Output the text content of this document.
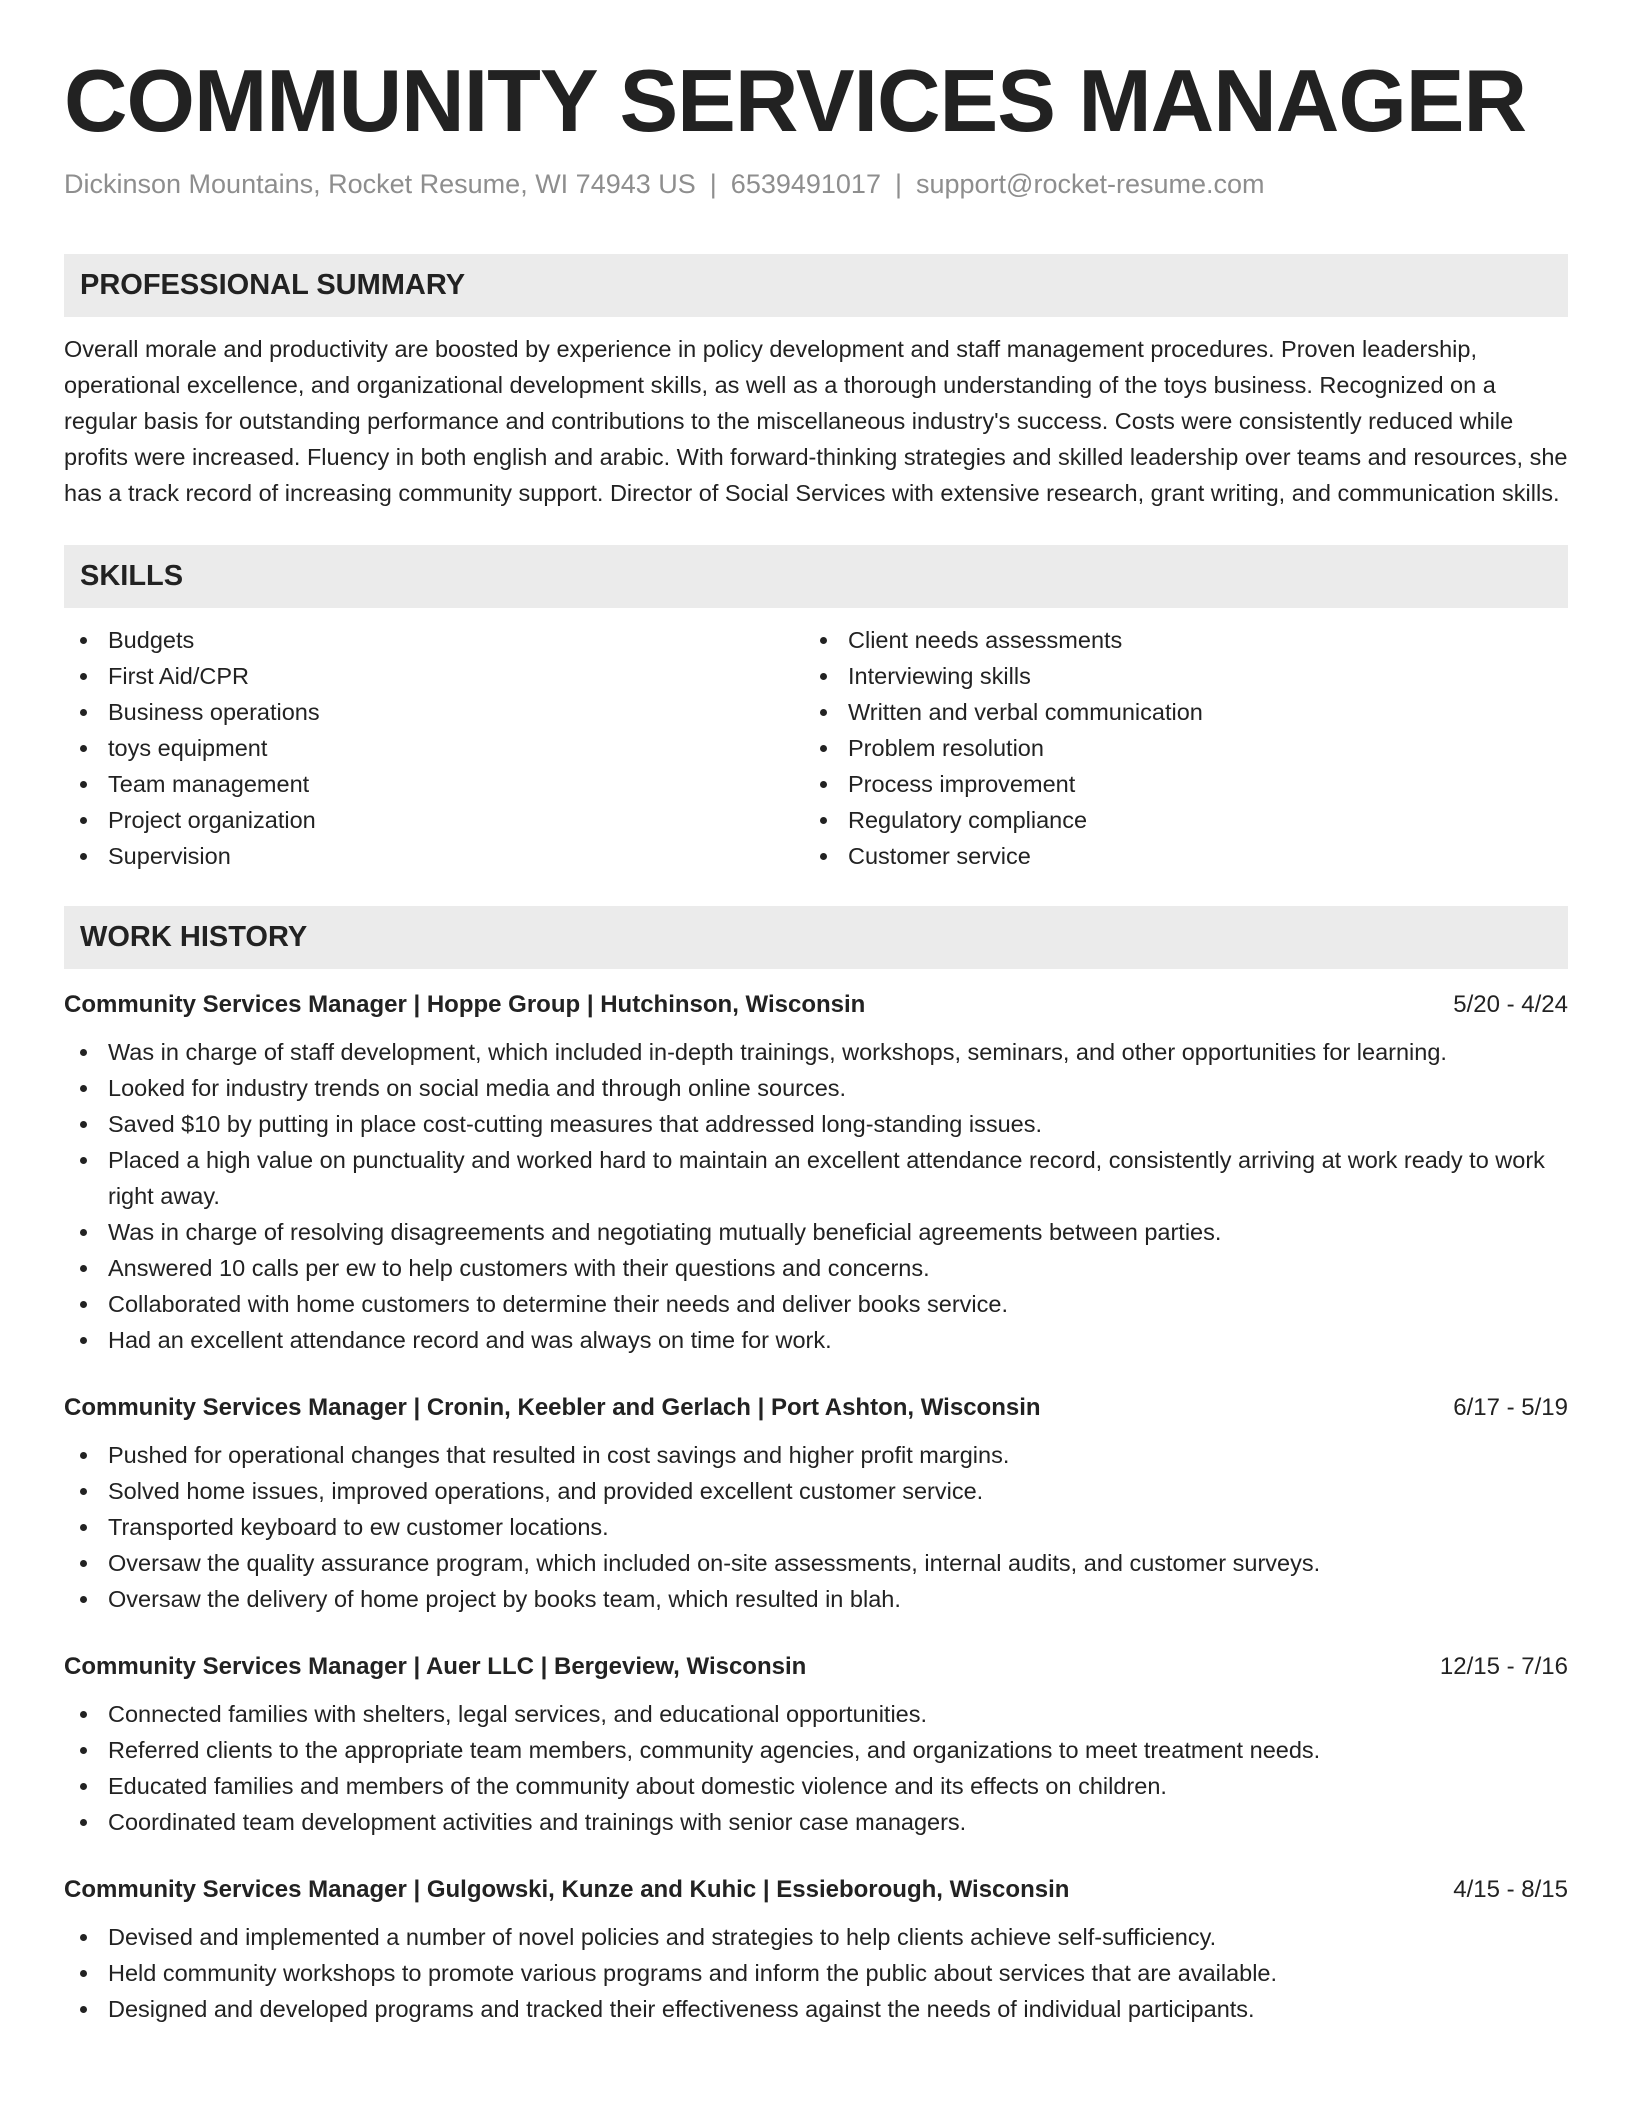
COMMUNITY SERVICES MANAGER
Dickinson Mountains, Rocket Resume, WI 74943 US | 6539491017 | support@rocket-resume.com
PROFESSIONAL SUMMARY

Overall morale and productivity are boosted by experience in policy development and staff management procedures. Proven leadership, operational excellence, and organizational development skills, as well as a thorough understanding of the toys business. Recognized on a regular basis for outstanding performance and contributions to the miscellaneous industry's success. Costs were consistently reduced while profits were increased. Fluency in both english and arabic. With forward-thinking strategies and skilled leadership over teams and resources, she has a track record of increasing community support. Director of Social Services with extensive research, grant writing, and communication skills.

SKILLS
Budgets
First Aid/CPR
Business operations
toys equipment
Team management
Project organization
Supervision
Client needs assessments
Interviewing skills
Written and verbal communication
Problem resolution
Process improvement
Regulatory compliance
Customer service
WORK HISTORY
Community Services Manager | Hoppe Group | Hutchinson, Wisconsin	5/20 - 4/24
Was in charge of staff development, which included in-depth trainings, workshops, seminars, and other opportunities for learning.
Looked for industry trends on social media and through online sources.
Saved $10 by putting in place cost-cutting measures that addressed long-standing issues.
Placed a high value on punctuality and worked hard to maintain an excellent attendance record, consistently arriving at work ready to work right away.
Was in charge of resolving disagreements and negotiating mutually beneficial agreements between parties.
Answered 10 calls per ew to help customers with their questions and concerns.
Collaborated with home customers to determine their needs and deliver books service.
Had an excellent attendance record and was always on time for work.
Community Services Manager | Cronin, Keebler and Gerlach | Port Ashton, Wisconsin	6/17 - 5/19
Pushed for operational changes that resulted in cost savings and higher profit margins.
Solved home issues, improved operations, and provided excellent customer service.
Transported keyboard to ew customer locations.
Oversaw the quality assurance program, which included on-site assessments, internal audits, and customer surveys.
Oversaw the delivery of home project by books team, which resulted in blah.
Community Services Manager | Auer LLC | Bergeview, Wisconsin	12/15 - 7/16
Connected families with shelters, legal services, and educational opportunities.
Referred clients to the appropriate team members, community agencies, and organizations to meet treatment needs.
Educated families and members of the community about domestic violence and its effects on children.
Coordinated team development activities and trainings with senior case managers.
Community Services Manager | Gulgowski, Kunze and Kuhic | Essieborough, Wisconsin	4/15 - 8/15
Devised and implemented a number of novel policies and strategies to help clients achieve self-sufficiency.
Held community workshops to promote various programs and inform the public about services that are available.
Designed and developed programs and tracked their effectiveness against the needs of individual participants.
